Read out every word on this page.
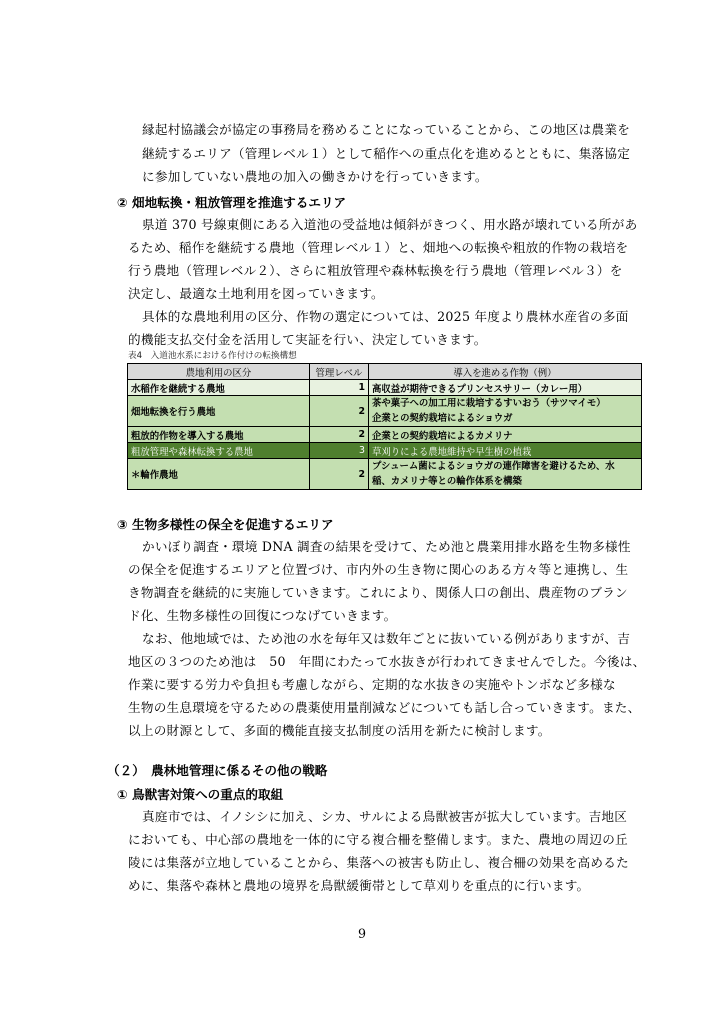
縁起村協議会が協定の事務局を務めることになっていることから、この地区は農業を
継続するエリア（管理レベル１）として稲作への重点化を進めるとともに、集落協定
に参加していない農地の加入の働きかけを行っていきます。
② 畑地転換・粗放管理を推進するエリア
県道 370 号線東側にある入道池の受益地は傾斜がきつく、用水路が壊れている所があ
るため、稲作を継続する農地（管理レベル１）と、畑地への転換や粗放的作物の栽培を
行う農地（管理レベル２）、さらに粗放管理や森林転換を行う農地（管理レベル３）を
決定し、最適な土地利用を図っていきます。
具体的な農地利用の区分、作物の選定については、2025 年度より農林水産省の多面
的機能支払交付金を活用して実証を行い、決定していきます。
表4　入道池水系における作付けの転換構想
農地利用の区分	管理レベル	導入を進める作物（例）
水稲作を継続する農地	1	高収益が期待できるプリンセスサリー（カレー用）
畑地転換を行う農地	2	茶や菓子への加工用に栽培するすいおう（サツマイモ）
企業との契約栽培によるショウガ
粗放的作物を導入する農地	2	企業との契約栽培によるカメリナ
粗放管理や森林転換する農地	3	草刈りによる農地維持や早生樹の植栽
＊輪作農地	2	プシューム菌によるショウガの連作障害を避けるため、水
稲、カメリナ等との輪作体系を構築
③ 生物多様性の保全を促進するエリア
かいぼり調査・環境 DNA 調査の結果を受けて、ため池と農業用排水路を生物多様性
の保全を促進するエリアと位置づけ、市内外の生き物に関心のある方々等と連携し、生
き物調査を継続的に実施していきます。これにより、関係人口の創出、農産物のブラン
ド化、生物多様性の回復につなげていきます。
なお、他地域では、ため池の水を毎年又は数年ごとに抜いている例がありますが、吉
地区の３つのため池は　50　年間にわたって水抜きが行われてきませんでした。今後は、
作業に要する労力や負担も考慮しながら、定期的な水抜きの実施やトンボなど多様な
生物の生息環境を守るための農薬使用量削減などについても話し合っていきます。また、
以上の財源として、多面的機能直接支払制度の活用を新たに検討します。
（２）　農林地管理に係るその他の戦略
① 鳥獣害対策への重点的取組
真庭市では、イノシシに加え、シカ、サルによる鳥獣被害が拡大しています。吉地区
においても、中心部の農地を一体的に守る複合柵を整備します。また、農地の周辺の丘
陵には集落が立地していることから、集落への被害も防止し、複合柵の効果を高めるた
めに、集落や森林と農地の境界を鳥獣緩衝帯として草刈りを重点的に行います。
9
